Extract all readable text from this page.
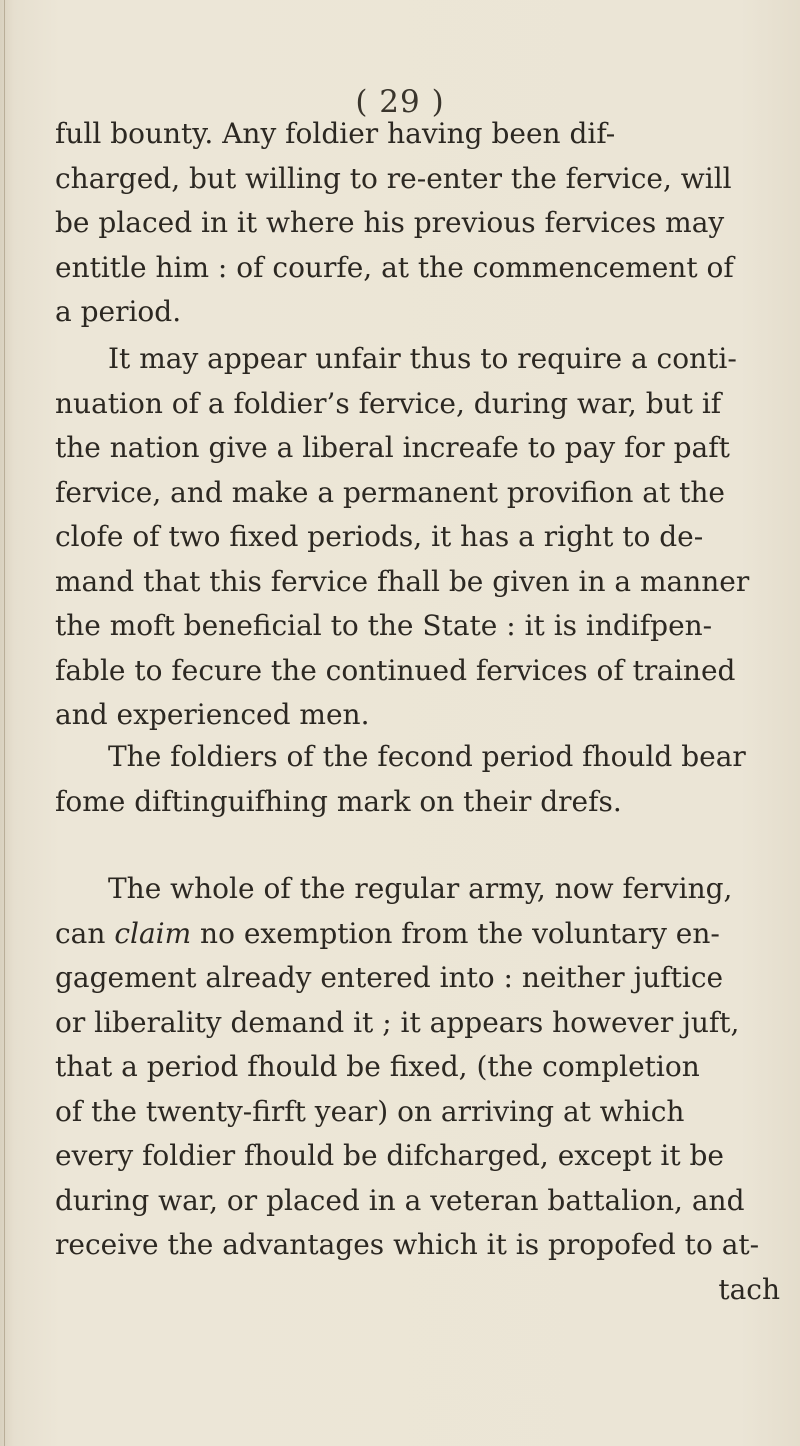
( 29 )

full bounty. Any foldier having been dif-
charged, but willing to re-enter the fervice, will
be placed in it where his previous fervices may
entitle him : of courfe, at the commencement of
a period.

It may appear unfair thus to require a conti-
nuation of a foldier’s fervice, during war, but if
the nation give a liberal increafe to pay for paft
fervice, and make a permanent provifion at the
clofe of two fixed periods, it has a right to de-
mand that this fervice fhall be given in a manner
the moft beneficial to the State : it is indifpen-
fable to fecure the continued fervices of trained
and experienced men.

The foldiers of the fecond period fhould bear
fome diftinguifhing mark on their drefs.

The whole of the regular army, now ferving,
can claim no exemption from the voluntary en-
gagement already entered into : neither juftice
or liberality demand it ; it appears however juft,
that a period fhould be fixed, (the completion
of the twenty-firft year) on arriving at which
every foldier fhould be difcharged, except it be
during war, or placed in a veteran battalion, and
receive the advantages which it is propofed to at-
tach
